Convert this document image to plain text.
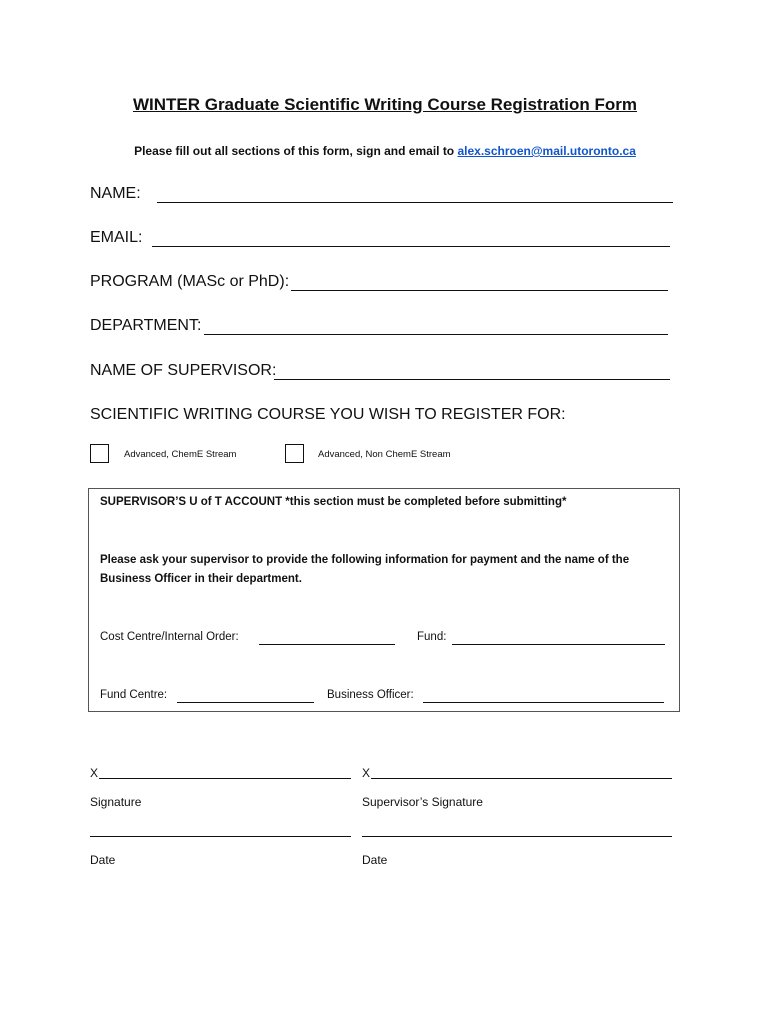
WINTER Graduate Scientific Writing Course Registration Form
Please fill out all sections of this form, sign and email to alex.schroen@mail.utoronto.ca
NAME:
EMAIL:
PROGRAM (MASc or PhD):
DEPARTMENT:
NAME OF SUPERVISOR:
SCIENTIFIC WRITING COURSE YOU WISH TO REGISTER FOR:
Advanced, ChemE Stream	Advanced, Non ChemE Stream
SUPERVISOR’S U of T ACCOUNT *this section must be completed before submitting*
Please ask your supervisor to provide the following information for payment and the name of the
Business Officer in their department.
Cost Centre/Internal Order:	Fund:
Fund Centre:	Business Officer:
X	X
Signature	Supervisor’s Signature
Date	Date
